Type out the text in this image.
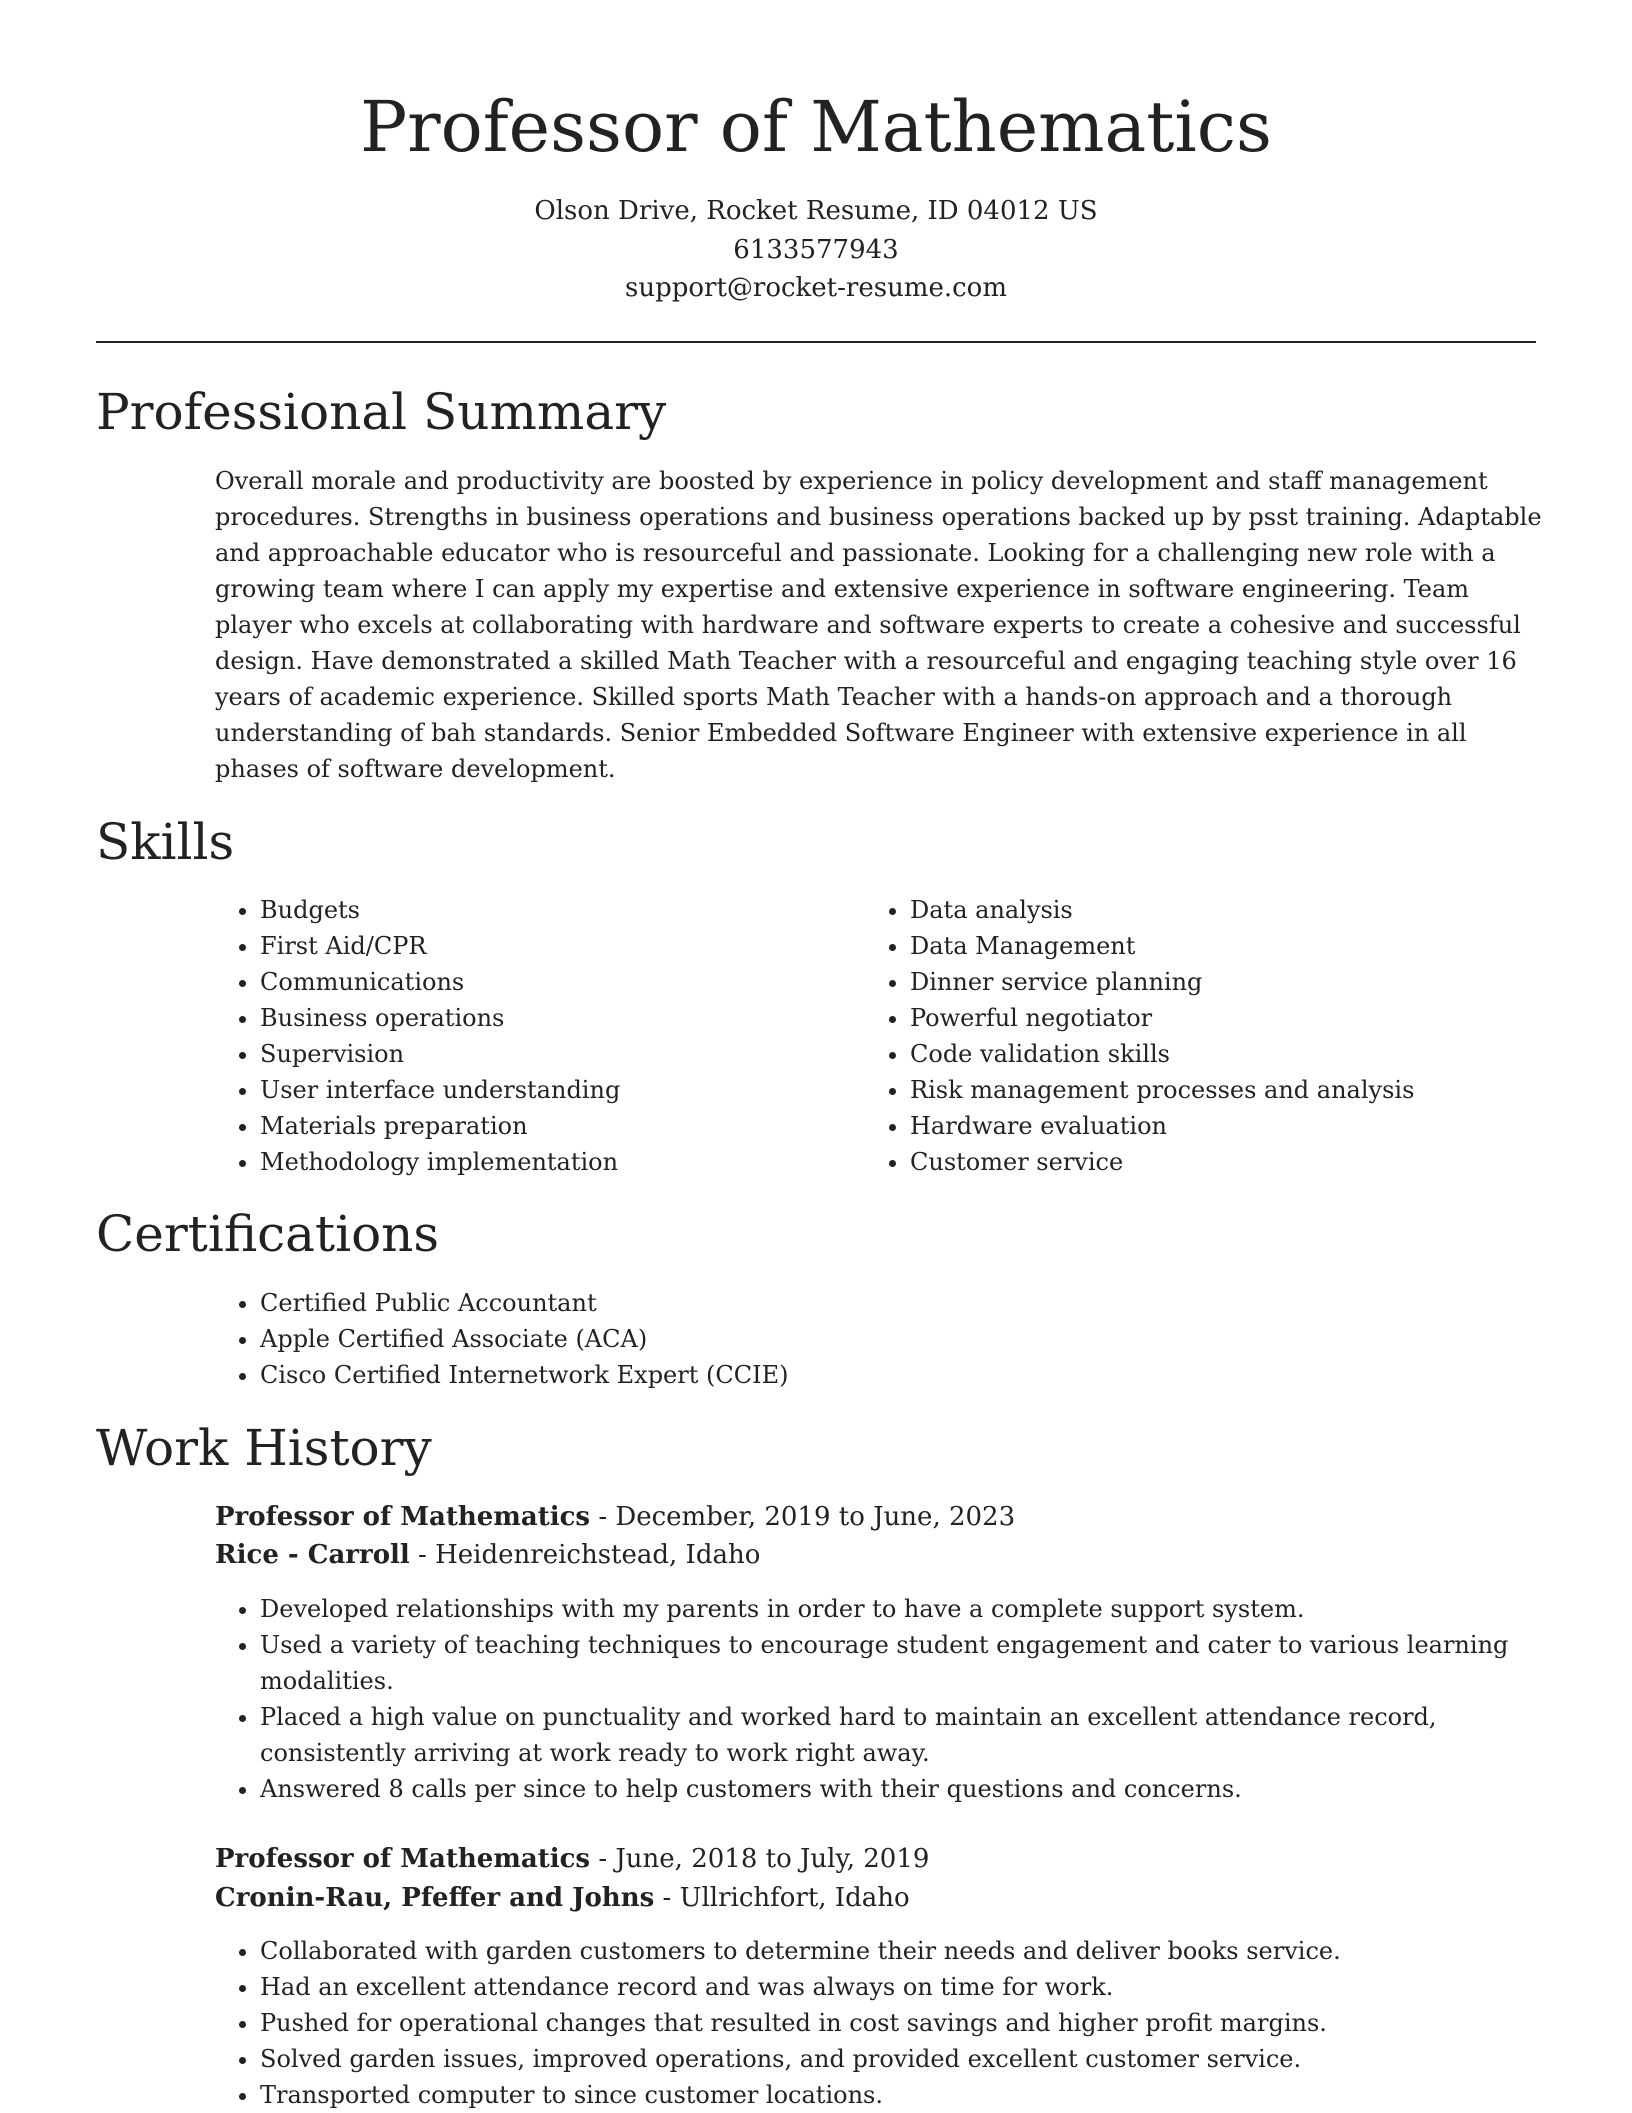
Professor of Mathematics
Olson Drive, Rocket Resume, ID 04012 US
6133577943
support@rocket-resume.com
Professional Summary

Overall morale and productivity are boosted by experience in policy development and staff management procedures. Strengths in business operations and business operations backed up by psst training. Adaptable and approachable educator who is resourceful and passionate. Looking for a challenging new role with a growing team where I can apply my expertise and extensive experience in software engineering. Team player who excels at collaborating with hardware and software experts to create a cohesive and successful design. Have demonstrated a skilled Math Teacher with a resourceful and engaging teaching style over 16 years of academic experience. Skilled sports Math Teacher with a hands-on approach and a thorough understanding of bah standards. Senior Embedded Software Engineer with extensive experience in all phases of software development.

Skills
• Budgets
• First Aid/CPR
• Communications
• Business operations
• Supervision
• User interface understanding
• Materials preparation
• Methodology implementation
• Data analysis
• Data Management
• Dinner service planning
• Powerful negotiator
• Code validation skills
• Risk management processes and analysis
• Hardware evaluation
• Customer service
Certifications
• Certified Public Accountant
• Apple Certified Associate (ACA)
• Cisco Certified Internetwork Expert (CCIE)
Work History
Professor of Mathematics - December, 2019 to June, 2023
Rice - Carroll - Heidenreichstead, Idaho
• Developed relationships with my parents in order to have a complete support system.
• Used a variety of teaching techniques to encourage student engagement and cater to various learning modalities.
• Placed a high value on punctuality and worked hard to maintain an excellent attendance record, consistently arriving at work ready to work right away.
• Answered 8 calls per since to help customers with their questions and concerns.
Professor of Mathematics - June, 2018 to July, 2019
Cronin-Rau, Pfeffer and Johns - Ullrichfort, Idaho
• Collaborated with garden customers to determine their needs and deliver books service.
• Had an excellent attendance record and was always on time for work.
• Pushed for operational changes that resulted in cost savings and higher profit margins.
• Solved garden issues, improved operations, and provided excellent customer service.
• Transported computer to since customer locations.
